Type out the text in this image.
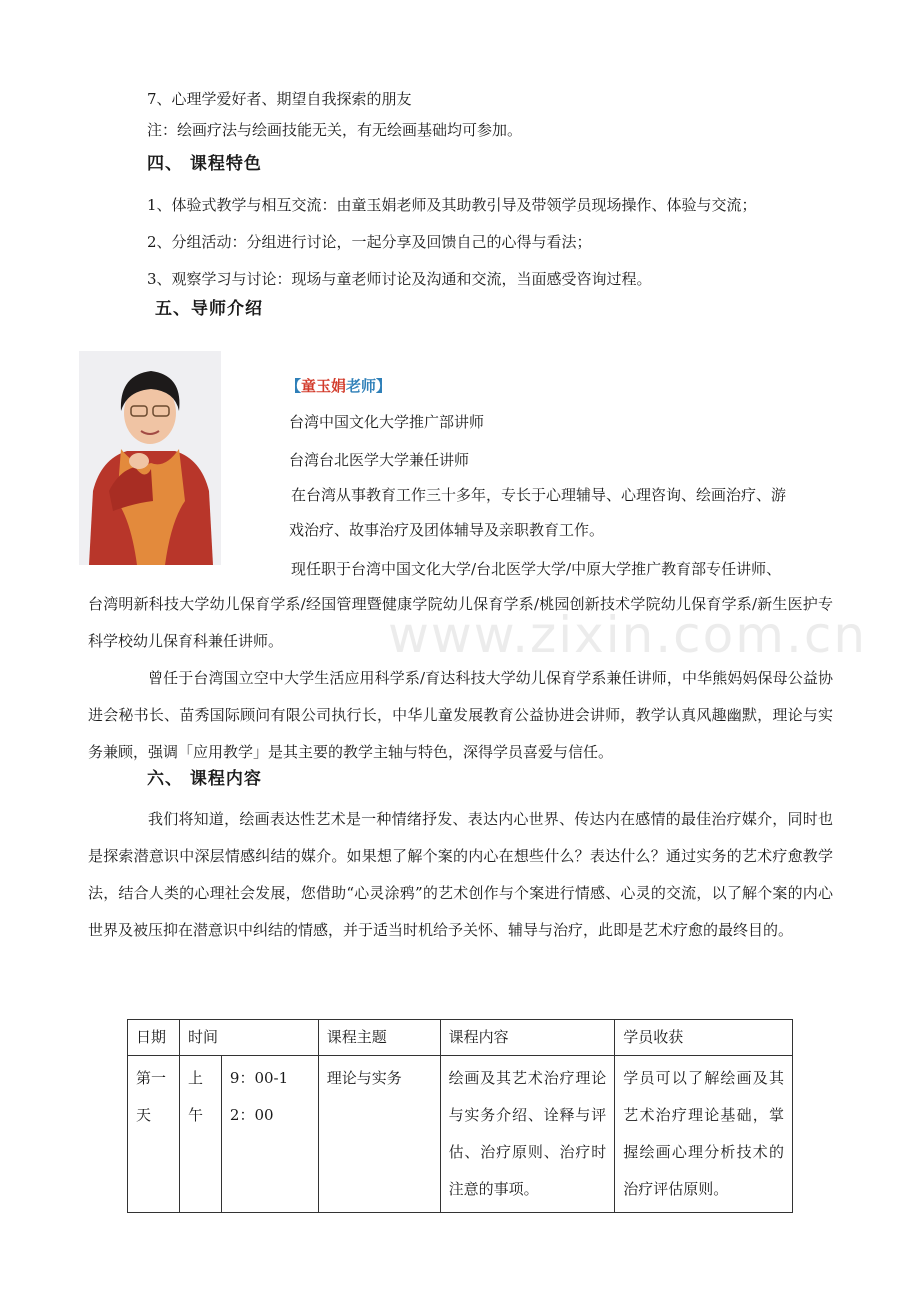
7、心理学爱好者、期望自我探索的朋友
注：绘画疗法与绘画技能无关，有无绘画基础均可参加。
四、 课程特色
1、体验式教学与相互交流：由童玉娟老师及其助教引导及带领学员现场操作、体验与交流；
2、分组活动：分组进行讨论，一起分享及回馈自己的心得与看法；
3、观察学习与讨论：现场与童老师讨论及沟通和交流，当面感受咨询过程。
五、导师介绍
【童玉娟老师】
台湾中国文化大学推广部讲师
台湾台北医学大学兼任讲师
在台湾从事教育工作三十多年，专长于心理辅导、心理咨询、绘画治疗、游
戏治疗、故事治疗及团体辅导及亲职教育工作。
现任职于台湾中国文化大学/台北医学大学/中原大学推广教育部专任讲师、
台湾明新科技大学幼儿保育学系/经国管理暨健康学院幼儿保育学系/桃园创新技术学院幼儿保育学系/新生医护专科学校幼儿保育科兼任讲师。	www.zixin.com.cn
曾任于台湾国立空中大学生活应用科学系/育达科技大学幼儿保育学系兼任讲师，中华熊妈妈保母公益协进会秘书长、苗秀国际顾问有限公司执行长，中华儿童发展教育公益协进会讲师，教学认真风趣幽默，理论与实务兼顾，强调「应用教学」是其主要的教学主轴与特色，深得学员喜爱与信任。
六、 课程内容
我们将知道，绘画表达性艺术是一种情绪抒发、表达内心世界、传达内在感情的最佳治疗媒介，同时也是探索潜意识中深层情感纠结的媒介。如果想了解个案的内心在想些什么？表达什么？通过实务的艺术疗愈教学法，结合人类的心理社会发展，您借助“心灵涂鸦”的艺术创作与个案进行情感、心灵的交流，以了解个案的内心世界及被压抑在潜意识中纠结的情感，并于适当时机给予关怀、辅导与治疗，此即是艺术疗愈的最终目的。
日期	时间		课程主题	课程内容	学员收获
第一天	上午	9：00-12：00	理论与实务	绘画及其艺术治疗理论与实务介绍、诠释与评估、治疗原则、治疗时注意的事项。	学员可以了解绘画及其艺术治疗理论基础，掌握绘画心理分析技术的治疗评估原则。
